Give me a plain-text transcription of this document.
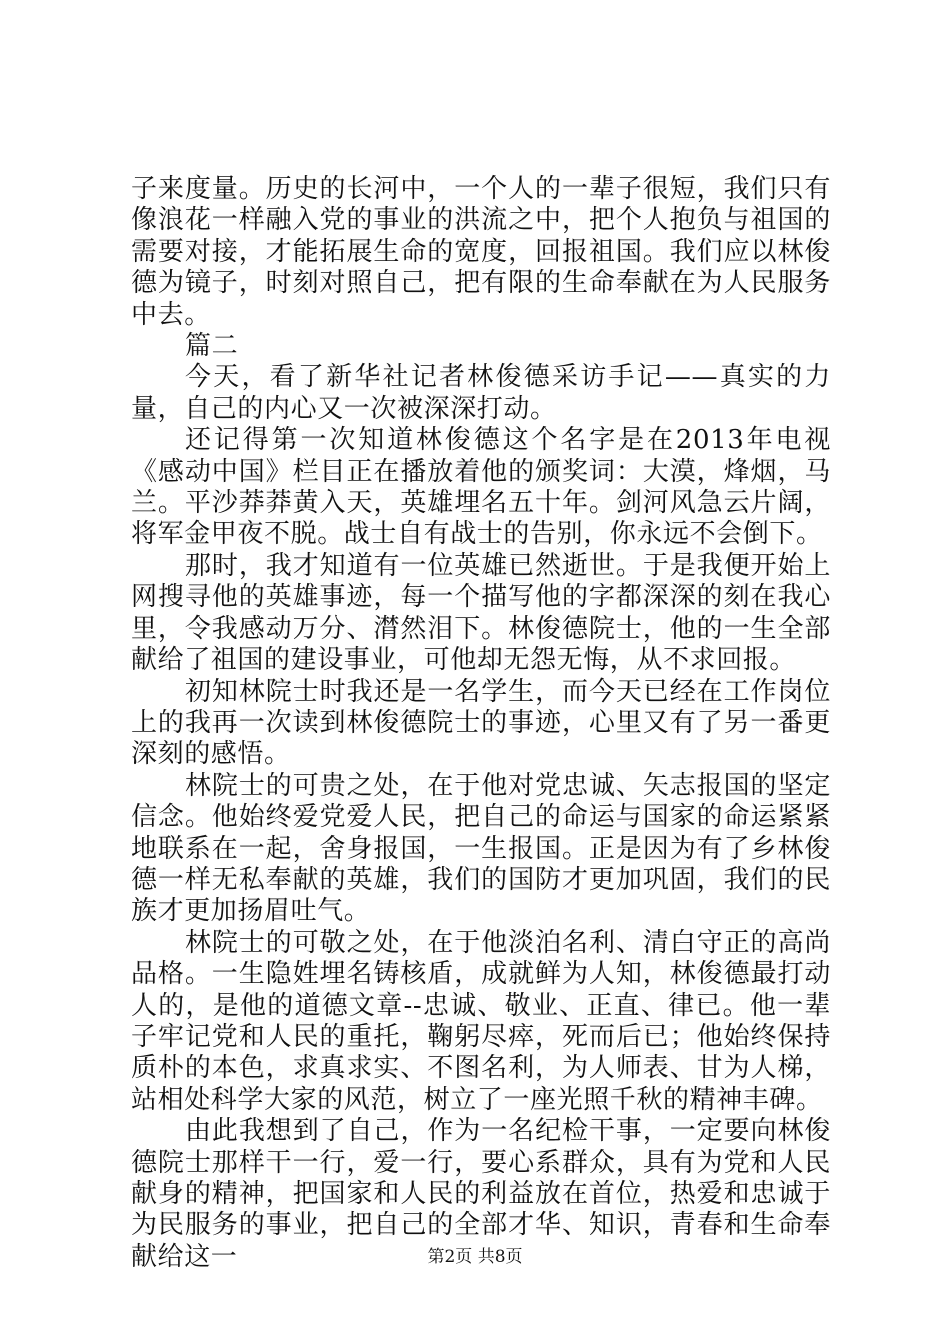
子来度量。历史的长河中，一个人的一辈子很短，我们只有像浪花一样融入党的事业的洪流之中，把个人抱负与祖国的需要对接，才能拓展生命的宽度，回报祖国。我们应以林俊德为镜子，时刻对照自己，把有限的生命奉献在为人民服务中去。

篇二

今天，看了新华社记者林俊德采访手记——真实的力量，自己的内心又一次被深深打动。

还记得第一次知道林俊德这个名字是在2013年电视《感动中国》栏目正在播放着他的颁奖词：大漠，烽烟，马兰。平沙莽莽黄入天，英雄埋名五十年。剑河风急云片阔，将军金甲夜不脱。战士自有战士的告别，你永远不会倒下。

那时，我才知道有一位英雄已然逝世。于是我便开始上网搜寻他的英雄事迹，每一个描写他的字都深深的刻在我心里，令我感动万分、潸然泪下。林俊德院士，他的一生全部献给了祖国的建设事业，可他却无怨无悔，从不求回报。

初知林院士时我还是一名学生，而今天已经在工作岗位上的我再一次读到林俊德院士的事迹，心里又有了另一番更深刻的感悟。

林院士的可贵之处，在于他对党忠诚、矢志报国的坚定信念。他始终爱党爱人民，把自己的命运与国家的命运紧紧地联系在一起，舍身报国，一生报国。正是因为有了乡林俊德一样无私奉献的英雄，我们的国防才更加巩固，我们的民族才更加扬眉吐气。

林院士的可敬之处，在于他淡泊名利、清白守正的高尚品格。一生隐姓埋名铸核盾，成就鲜为人知，林俊德最打动人的，是他的道德文章--忠诚、敬业、正直、律已。他一辈子牢记党和人民的重托，鞠躬尽瘁，死而后已；他始终保持质朴的本色，求真求实、不图名利，为人师表、甘为人梯，站相处科学大家的风范，树立了一座光照千秋的精神丰碑。

由此我想到了自己，作为一名纪检干事，一定要向林俊德院士那样干一行，爱一行，要心系群众，具有为党和人民献身的精神，把国家和人民的利益放在首位，热爱和忠诚于为民服务的事业，把自己的全部才华、知识，青春和生命奉献给这一	第2页 共8页
